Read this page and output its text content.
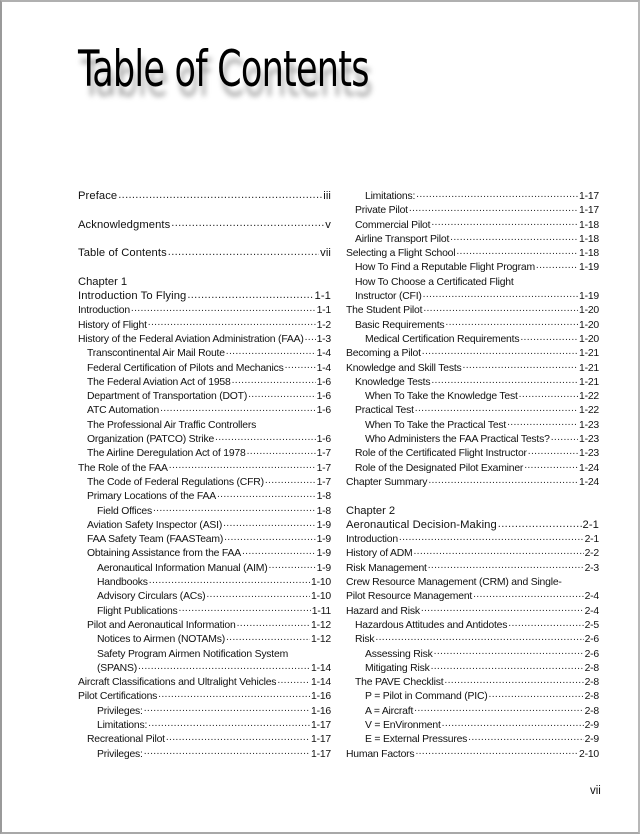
Table of Contents
Preface .....	iii
Acknowledgments .....	v
Table of Contents .....	vii
Chapter 1
Introduction To Flying .....	1-1
Introduction .....	1-1
History of Flight .....	1-2
History of the Federal Aviation Administration (FAA) ..... 1-3
Transcontinental Air Mail Route .....	1-4
Federal Certification of Pilots and Mechanics .....	1-4
The Federal Aviation Act of 1958 .....	1-6
Department of Transportation (DOT) .....	1-6
ATC Automation .....	1-6
The Professional Air Traffic Controllers
Organization (PATCO) Strike .....	1-6
The Airline Deregulation Act of 1978 .....	1-7
The Role of the FAA .....	1-7
The Code of Federal Regulations (CFR) .....	1-7
Primary Locations of the FAA .....	1-8
Field Offices .....	1-8
Aviation Safety Inspector (ASI) .....	1-9
FAA Safety Team (FAASTeam) .....	1-9
Obtaining Assistance from the FAA .....	1-9
Aeronautical Information Manual (AIM) .....	1-9
Handbooks .....	1-10
Advisory Circulars (ACs) .....	1-10
Flight Publications .....	1-11
Pilot and Aeronautical Information .....	1-12
Notices to Airmen (NOTAMs) .....	1-12
Safety Program Airmen Notification System
(SPANS) .....	1-14
Aircraft Classifications and Ultralight Vehicles .....	1-14
Pilot Certifications .....	1-16
Privileges: .....	1-16
Limitations: .....	1-17
Recreational Pilot .....	1-17
Privileges: .....	1-17
Limitations: .....	1-17
Private Pilot .....	1-17
Commercial Pilot .....	1-18
Airline Transport Pilot .....	1-18
Selecting a Flight School .....	1-18
How To Find a Reputable Flight Program .....	1-19
How To Choose a Certificated Flight
Instructor (CFI) .....	1-19
The Student Pilot .....	1-20
Basic Requirements .....	1-20
Medical Certification Requirements .....	1-20
Becoming a Pilot .....	1-21
Knowledge and Skill Tests .....	1-21
Knowledge Tests .....	1-21
When To Take the Knowledge Test .....	1-22
Practical Test .....	1-22
When To Take the Practical Test .....	1-23
Who Administers the FAA Practical Tests? .....	1-23
Role of the Certificated Flight Instructor .....	1-23
Role of the Designated Pilot Examiner .....	1-24
Chapter Summary .....	1-24
Chapter 2
Aeronautical Decision-Making .....	2-1
Introduction .....	2-1
History of ADM .....	2-2
Risk Management .....	2-3
Crew Resource Management (CRM) and Single-
Pilot Resource Management .....	2-4
Hazard and Risk .....	2-4
Hazardous Attitudes and Antidotes .....	2-5
Risk .....	2-6
Assessing Risk .....	2-6
Mitigating Risk .....	2-8
The PAVE Checklist .....	2-8
P = Pilot in Command (PIC) .....	2-8
A = Aircraft .....	2-8
V = EnVironment .....	2-9
E = External Pressures .....	2-9
Human Factors .....	2-10
vii
